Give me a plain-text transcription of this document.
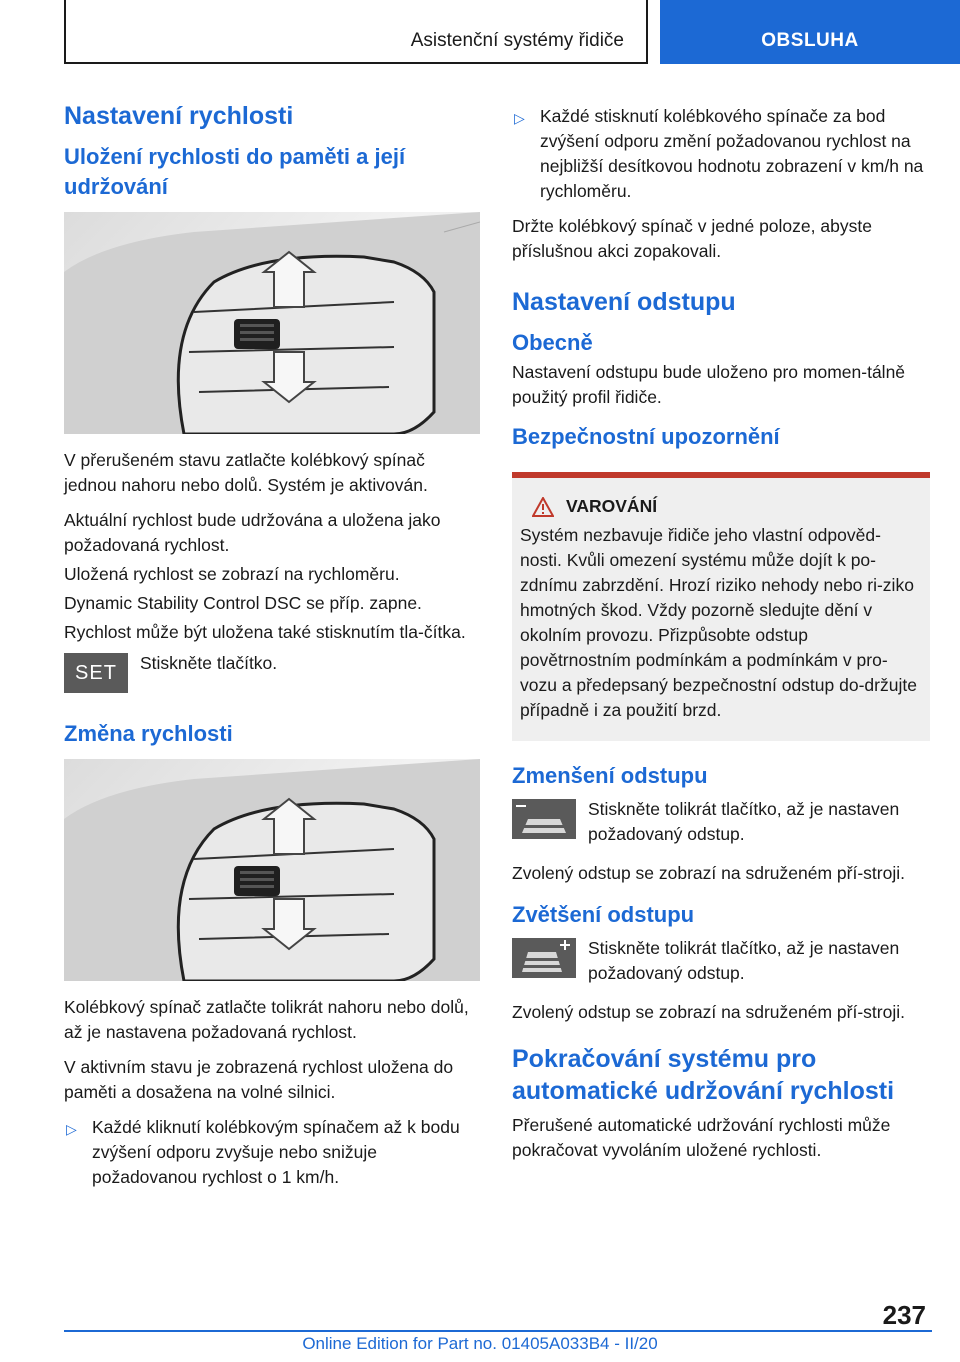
Asistenční systémy řidiče	OBSLUHA
Nastavení rychlosti
Uložení rychlosti do paměti a její udržování

V přerušeném stavu zatlačte kolébkový spínač jednou nahoru nebo dolů. Systém je aktivován.

Aktuální rychlost bude udržována a uložena jako požadovaná rychlost.

Uložená rychlost se zobrazí na rychloměru.

Dynamic Stability Control DSC se příp. zapne.

Rychlost může být uložena také stisknutím tla-čítka.

SET	Stiskněte tlačítko.
Změna rychlosti

Kolébkový spínač zatlačte tolikrát nahoru nebo dolů, až je nastavena požadovaná rychlost.

V aktivním stavu je zobrazená rychlost uložena do paměti a dosažena na volné silnici.

▷ Každé kliknutí kolébkovým spínačem až k bodu zvýšení odporu zvyšuje nebo snižuje požadovanou rychlost o 1 km/h.
▷ Každé stisknutí kolébkového spínače za bod zvýšení odporu změní požadovanou rychlost na nejbližší desítkovou hodnotu zobrazení v km/h na rychloměru.

Držte kolébkový spínač v jedné poloze, abyste příslušnou akci zopakovali.

Nastavení odstupu
Obecně

Nastavení odstupu bude uloženo pro momen-tálně použitý profil řidiče.

Bezpečnostní upozornění
VAROVÁNÍ

Systém nezbavuje řidiče jeho vlastní odpověd-nosti. Kvůli omezení systému může dojít k po-zdnímu zabrzdění. Hrozí riziko nehody nebo ri-ziko hmotných škod. Vždy pozorně sledujte dění v okolním provozu. Přizpůsobte odstup povětrnostním podmínkám a podmínkám v pro-vozu a předepsaný bezpečnostní odstup do-držujte případně i za použití brzd.

Zmenšení odstupu
Stiskněte tolikrát tlačítko, až je nastaven požadovaný odstup.

Zvolený odstup se zobrazí na sdruženém pří-stroji.

Zvětšení odstupu
Stiskněte tolikrát tlačítko, až je nastaven požadovaný odstup.

Zvolený odstup se zobrazí na sdruženém pří-stroji.

Pokračování systému pro automatické udržování rychlosti

Přerušené automatické udržování rychlosti může pokračovat vyvoláním uložené rychlosti.

237
Online Edition for Part no. 01405A033B4 - II/20
